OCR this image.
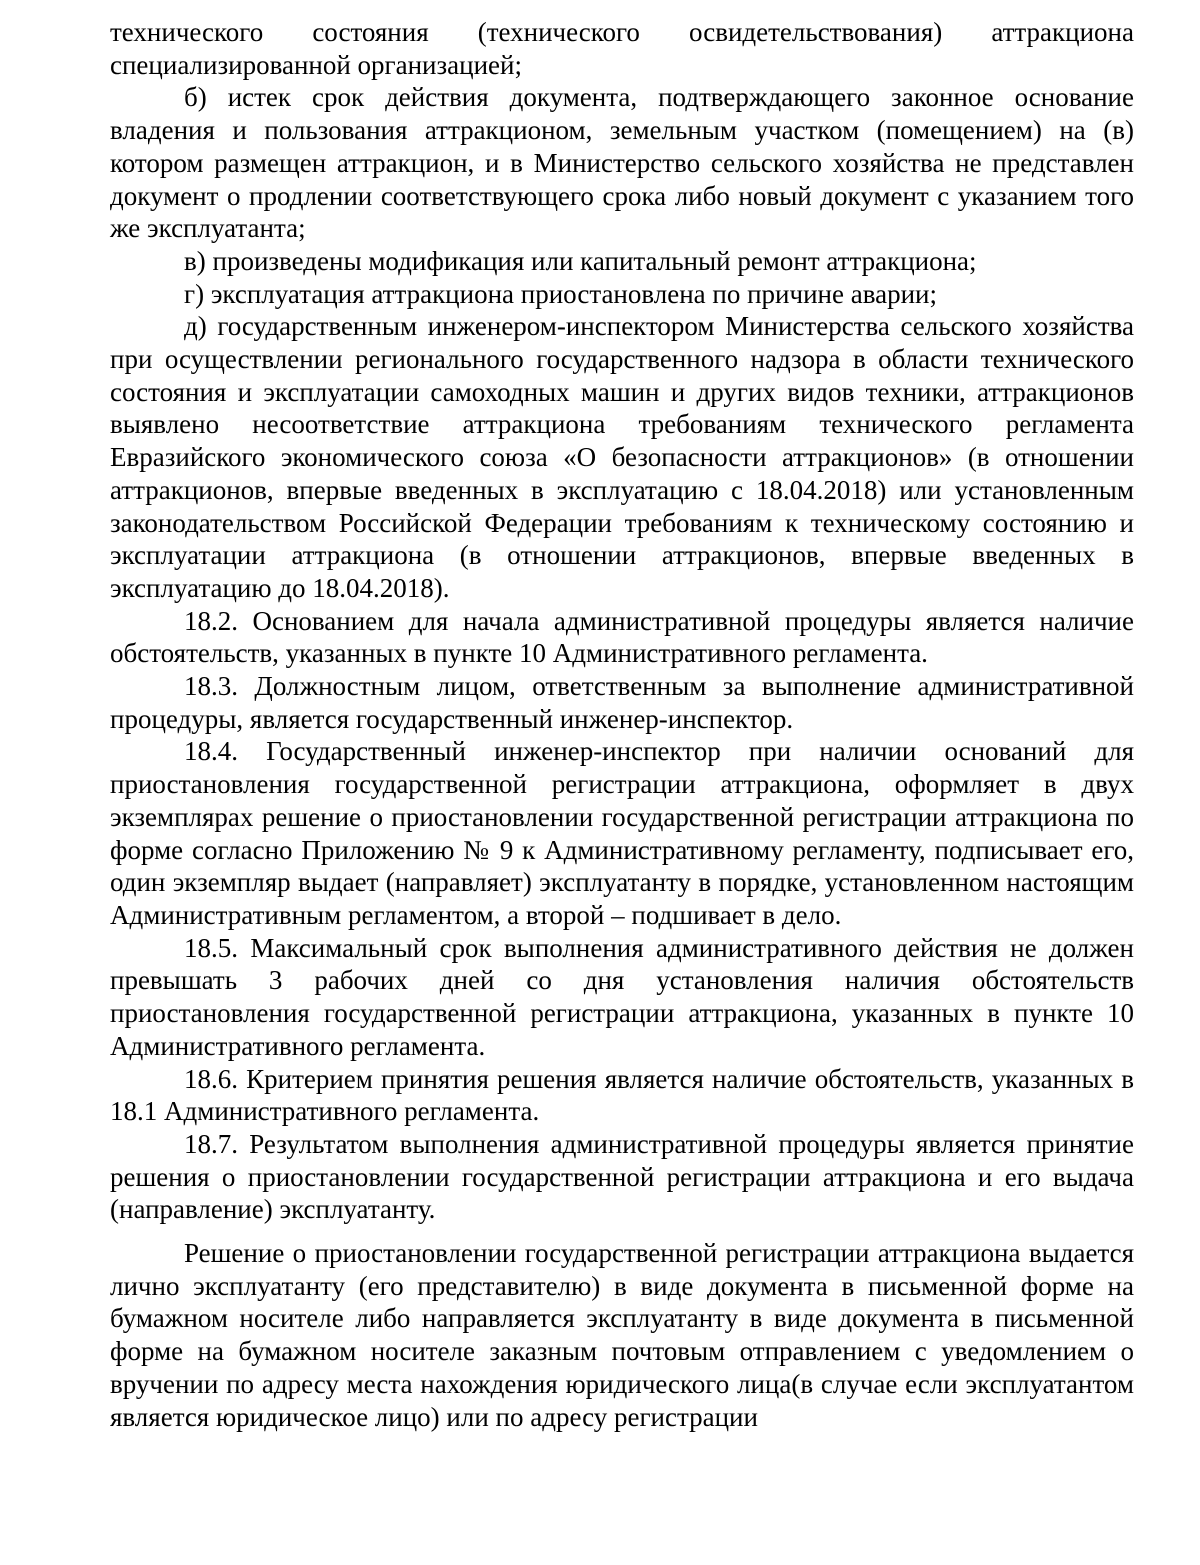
технического состояния (технического освидетельствования) аттракциона специализированной организацией;

б) истек срок действия документа, подтверждающего законное основание владения и пользования аттракционом, земельным участком (помещением) на (в) котором размещен аттракцион, и в Министерство сельского хозяйства не представлен документ о продлении соответствующего срока либо новый документ с указанием того же эксплуатанта;

в) произведены модификация или капитальный ремонт аттракциона;

г) эксплуатация аттракциона приостановлена по причине аварии;

д) государственным инженером-инспектором Министерства сельского хозяйства при осуществлении регионального государственного надзора в области технического состояния и эксплуатации самоходных машин и других видов техники, аттракционов выявлено несоответствие аттракциона требованиям технического регламента Евразийского экономического союза «О безопасности аттракционов» (в отношении аттракционов, впервые введенных в эксплуатацию с 18.04.2018) или установленным законодательством Российской Федерации требованиям к техническому состоянию и эксплуатации аттракциона (в отношении аттракционов, впервые введенных в эксплуатацию до 18.04.2018).

18.2. Основанием для начала административной процедуры является наличие обстоятельств, указанных в пункте 10 Административного регламента.

18.3. Должностным лицом, ответственным за выполнение административной процедуры, является государственный инженер-инспектор.

18.4. Государственный инженер-инспектор при наличии оснований для приостановления государственной регистрации аттракциона, оформляет в двух экземплярах решение о приостановлении государственной регистрации аттракциона по форме согласно Приложению № 9 к Административному регламенту, подписывает его, один экземпляр выдает (направляет) эксплуатанту в порядке, установленном настоящим Административным регламентом, а второй – подшивает в дело.

18.5. Максимальный срок выполнения административного действия не должен превышать 3 рабочих дней со дня установления наличия обстоятельств приостановления государственной регистрации аттракциона, указанных в пункте 10 Административного регламента.

18.6. Критерием принятия решения является наличие обстоятельств, указанных в 18.1 Административного регламента.

18.7. Результатом выполнения административной процедуры является принятие решения о приостановлении государственной регистрации аттракциона и его выдача (направление) эксплуатанту.

Решение о приостановлении государственной регистрации аттракциона выдается лично эксплуатанту (его представителю) в виде документа в письменной форме на бумажном носителе либо направляется эксплуатанту в виде документа в письменной форме на бумажном носителе заказным почтовым отправлением с уведомлением о вручении по адресу места нахождения юридического лица(в случае если эксплуатантом является юридическое лицо) или по адресу регистрации
